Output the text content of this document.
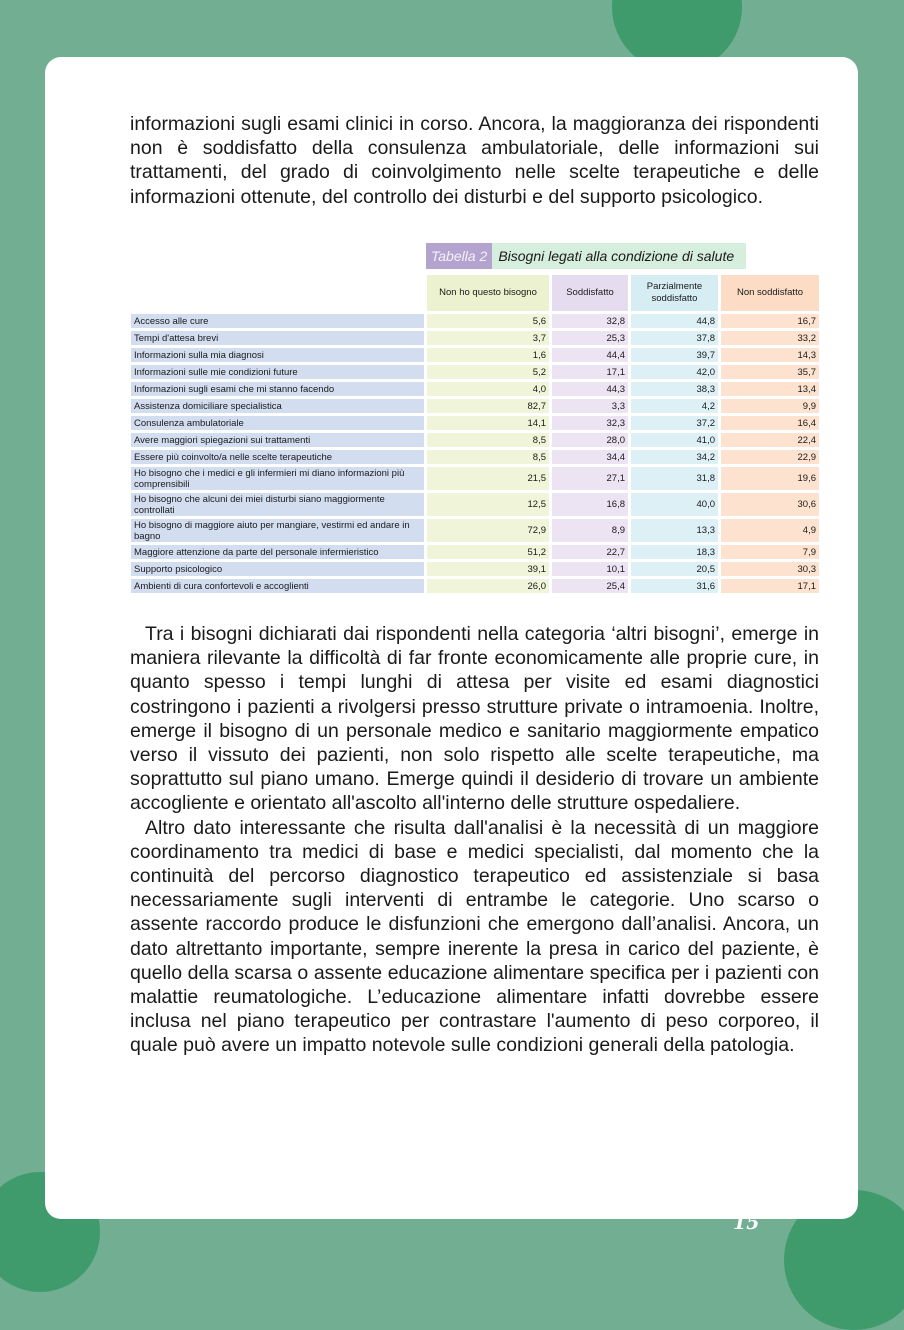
informazioni sugli esami clinici in corso. Ancora, la maggioranza dei rispondenti non è soddisfatto della consulenza ambulatoriale, delle informazioni sui trattamenti, del grado di coinvolgimento nelle scelte terapeutiche e delle informazioni ottenute, del controllo dei disturbi e del supporto psicologico.

Tabella 2 Bisogni legati alla condizione di salute
	Non ho questo bisogno	Soddisfatto	Parzialmente soddisfatto	Non soddisfatto
Accesso alle cure	5,6	32,8	44,8	16,7
Tempi d'attesa brevi	3,7	25,3	37,8	33,2
Informazioni sulla mia diagnosi	1,6	44,4	39,7	14,3
Informazioni sulle mie condizioni future	5,2	17,1	42,0	35,7
Informazioni sugli esami che mi stanno facendo	4,0	44,3	38,3	13,4
Assistenza domiciliare specialistica	82,7	3,3	4,2	9,9
Consulenza ambulatoriale	14,1	32,3	37,2	16,4
Avere maggiori spiegazioni sui trattamenti	8,5	28,0	41,0	22,4
Essere più coinvolto/a nelle scelte terapeutiche	8,5	34,4	34,2	22,9
Ho bisogno che i medici e gli infermieri mi diano informazioni più comprensibili	21,5	27,1	31,8	19,6
Ho bisogno che alcuni dei miei disturbi siano maggiormente controllati	12,5	16,8	40,0	30,6
Ho bisogno di maggiore aiuto per mangiare, vestirmi ed andare in bagno	72,9	8,9	13,3	4,9
Maggiore attenzione da parte del personale infermieristico	51,2	22,7	18,3	7,9
Supporto psicologico	39,1	10,1	20,5	30,3
Ambienti di cura confortevoli e accoglienti	26,0	25,4	31,6	17,1

Tra i bisogni dichiarati dai rispondenti nella categoria ‘altri bisogni’, emerge in maniera rilevante la difficoltà di far fronte economicamente alle proprie cure, in quanto spesso i tempi lunghi di attesa per visite ed esami diagnostici costringono i pazienti a rivolgersi presso strutture private o intramoenia. Inoltre, emerge il bisogno di un personale medico e sanitario maggiormente empatico verso il vissuto dei pazienti, non solo rispetto alle scelte terapeutiche, ma soprattutto sul piano umano. Emerge quindi il desiderio di trovare un ambiente accogliente e orientato all'ascolto all'interno delle strutture ospedaliere.

Altro dato interessante che risulta dall'analisi è la necessità di un maggiore coordinamento tra medici di base e medici specialisti, dal momento che la continuità del percorso diagnostico terapeutico ed assistenziale si basa necessariamente sugli interventi di entrambe le categorie. Uno scarso o assente raccordo produce le disfunzioni che emergono dall’analisi. Ancora, un dato altrettanto importante, sempre inerente la presa in carico del paziente, è quello della scarsa o assente educazione alimentare specifica per i pazienti con malattie reumatologiche. L’educazione alimentare infatti dovrebbe essere inclusa nel piano terapeutico per contrastare l'aumento di peso corporeo, il quale può avere un impatto notevole sulle condizioni generali della patologia.

15
